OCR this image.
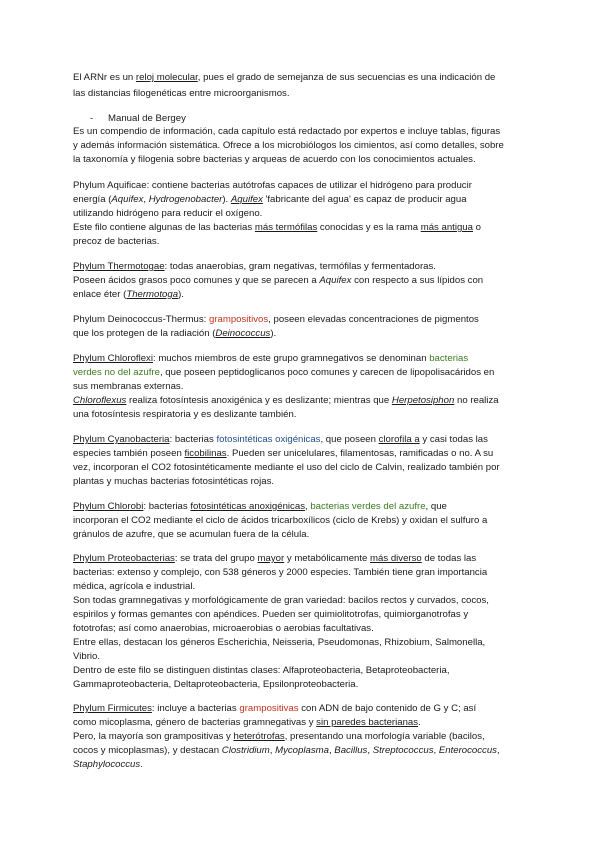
El ARNr es un reloj molecular, pues el grado de semejanza de sus secuencias es una indicación de
las distancias filogenéticas entre microorganismos.
- Manual de Bergey
Es un compendio de información, cada capítulo está redactado por expertos e incluye tablas, figuras
y además información sistemática. Ofrece a los microbiólogos los cimientos, así como detalles, sobre
la taxonomía y filogenia sobre bacterias y arqueas de acuerdo con los conocimientos actuales.
Phylum Aquificae: contiene bacterias autótrofas capaces de utilizar el hidrógeno para producir
energía (Aquifex, Hydrogenobacter). Aquifex 'fabricante del agua' es capaz de producir agua
utilizando hidrógeno para reducir el oxígeno.
Este filo contiene algunas de las bacterias más termófilas conocidas y es la rama más antigua o
precoz de bacterias.
Phylum Thermotogae: todas anaerobias, gram negativas, termófilas y fermentadoras.
Poseen ácidos grasos poco comunes y que se parecen a Aquifex con respecto a sus lípidos con
enlace éter (Thermotoga).
Phylum Deinococcus-Thermus: grampositivos, poseen elevadas concentraciones de pigmentos
que los protegen de la radiación (Deinococcus).
Phylum Chloroflexi: muchos miembros de este grupo gramnegativos se denominan bacterias
verdes no del azufre, que poseen peptidoglicanos poco comunes y carecen de lipopolisacáridos en
sus membranas externas.
Chloroflexus realiza fotosíntesis anoxigénica y es deslizante; mientras que Herpetosiphon no realiza
una fotosíntesis respiratoria y es deslizante también.
Phylum Cyanobacteria: bacterias fotosintéticas oxigénicas, que poseen clorofila a y casi todas las
especies también poseen ficobilinas. Pueden ser unicelulares, filamentosas, ramificadas o no. A su
vez, incorporan el CO2 fotosintéticamente mediante el uso del ciclo de Calvin, realizado también por
plantas y muchas bacterias fotosintéticas rojas.
Phylum Chlorobi: bacterias fotosintéticas anoxigénicas, bacterias verdes del azufre, que
incorporan el CO2 mediante el ciclo de ácidos tricarboxílicos (ciclo de Krebs) y oxidan el sulfuro a
gránulos de azufre, que se acumulan fuera de la célula.
Phylum Proteobacterias: se trata del grupo mayor y metabólicamente más diverso de todas las
bacterias: extenso y complejo, con 538 géneros y 2000 especies. También tiene gran importancia
médica, agrícola e industrial.
Son todas gramnegativas y morfológicamente de gran variedad: bacilos rectos y curvados, cocos,
espirilos y formas gemantes con apéndices. Pueden ser quimiolitotrofas, quimiorganotrofas y
fototrofas; así como anaerobias, microaerobias o aerobias facultativas.
Entre ellas, destacan los géneros Escherichia, Neisseria, Pseudomonas, Rhizobium, Salmonella,
Vibrio.
Dentro de este filo se distinguen distintas clases: Alfaproteobacteria, Betaproteobacteria,
Gammaproteobacteria, Deltaproteobacteria, Epsilonproteobacteria.
Phylum Firmicutes: incluye a bacterias grampositivas con ADN de bajo contenido de G y C; así
como micoplasma, género de bacterias gramnegativas y sin paredes bacterianas.
Pero, la mayoría son grampositivas y heterótrofas, presentando una morfología variable (bacilos,
cocos y micoplasmas), y destacan Clostridium, Mycoplasma, Bacillus, Streptococcus, Enterococcus,
Staphylococcus.
